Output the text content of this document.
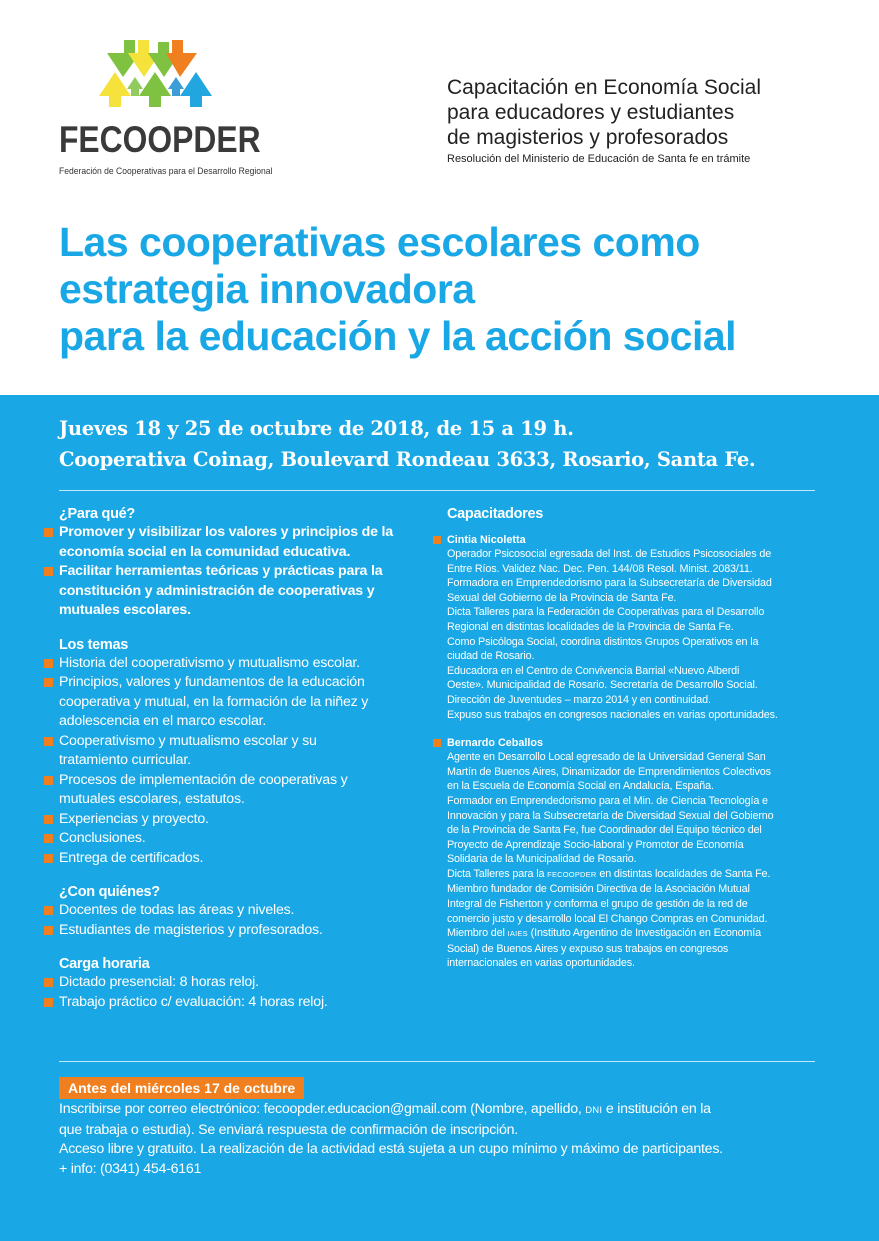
FECOOPDER
Federación de Cooperativas para el Desarrollo Regional
Capacitación en Economía Social
para educadores y estudiantes
de magisterios y profesorados
Resolución del Ministerio de Educación de Santa fe en trámite
Las cooperativas escolares como
estrategia innovadora
para la educación y la acción social
Jueves 18 y 25 de octubre de 2018, de 15 a 19 h.
Cooperativa Coinag, Boulevard Rondeau 3633, Rosario, Santa Fe.
¿Para qué?
Promover y visibilizar los valores y principios de la
economía social en la comunidad educativa.
Facilitar herramientas teóricas y prácticas para la
constitución y administración de cooperativas y
mutuales escolares.
Los temas
Historia del cooperativismo y mutualismo escolar.
Principios, valores y fundamentos de la educación
cooperativa y mutual, en la formación de la niñez y
adolescencia en el marco escolar.
Cooperativismo y mutualismo escolar y su
tratamiento curricular.
Procesos de implementación de cooperativas y
mutuales escolares, estatutos.
Experiencias y proyecto.
Conclusiones.
Entrega de certificados.
¿Con quiénes?
Docentes de todas las áreas y niveles.
Estudiantes de magisterios y profesorados.
Carga horaria
Dictado presencial: 8 horas reloj.
Trabajo práctico c/ evaluación: 4 horas reloj.
Capacitadores
Cintia Nicoletta
Operador Psicosocial egresada del Inst. de Estudios Psicosociales de
Entre Ríos. Validez Nac. Dec. Pen. 144/08 Resol. Minist. 2083/11.
Formadora en Emprendedorismo para la Subsecretaría de Diversidad
Sexual del Gobierno de la Provincia de Santa Fe.
Dicta Talleres para la Federación de Cooperativas para el Desarrollo
Regional en distintas localidades de la Provincia de Santa Fe.
Como Psicóloga Social, coordina distintos Grupos Operativos en la
ciudad de Rosario.
Educadora en el Centro de Convivencia Barrial «Nuevo Alberdi
Oeste». Municipalidad de Rosario. Secretaría de Desarrollo Social.
Dirección de Juventudes – marzo 2014 y en continuidad.
Expuso sus trabajos en congresos nacionales en varias oportunidades.
Bernardo Ceballos
Agente en Desarrollo Local egresado de la Universidad General San
Martín de Buenos Aires, Dinamizador de Emprendimientos Colectivos
en la Escuela de Economía Social en Andalucía, España.
Formador en Emprendedorismo para el Min. de Ciencia Tecnología e
Innovación y para la Subsecretaría de Diversidad Sexual del Gobierno
de la Provincia de Santa Fe, fue Coordinador del Equipo técnico del
Proyecto de Aprendizaje Socio-laboral y Promotor de Economía
Solidaria de la Municipalidad de Rosario.
Dicta Talleres para la FECOOPDER en distintas localidades de Santa Fe.
Miembro fundador de Comisión Directiva de la Asociación Mutual
Integral de Fisherton y conforma el grupo de gestión de la red de
comercio justo y desarrollo local El Chango Compras en Comunidad.
Miembro del IAIES (Instituto Argentino de Investigación en Economía
Social) de Buenos Aires y expuso sus trabajos en congresos
internacionales en varias oportunidades.
Antes del miércoles 17 de octubre
Inscribirse por correo electrónico: fecoopder.educacion@gmail.com (Nombre, apellido, DNI e institución en la
que trabaja o estudia). Se enviará respuesta de confirmación de inscripción.
Acceso libre y gratuito. La realización de la actividad está sujeta a un cupo mínimo y máximo de participantes.
+ info: (0341) 454-6161
